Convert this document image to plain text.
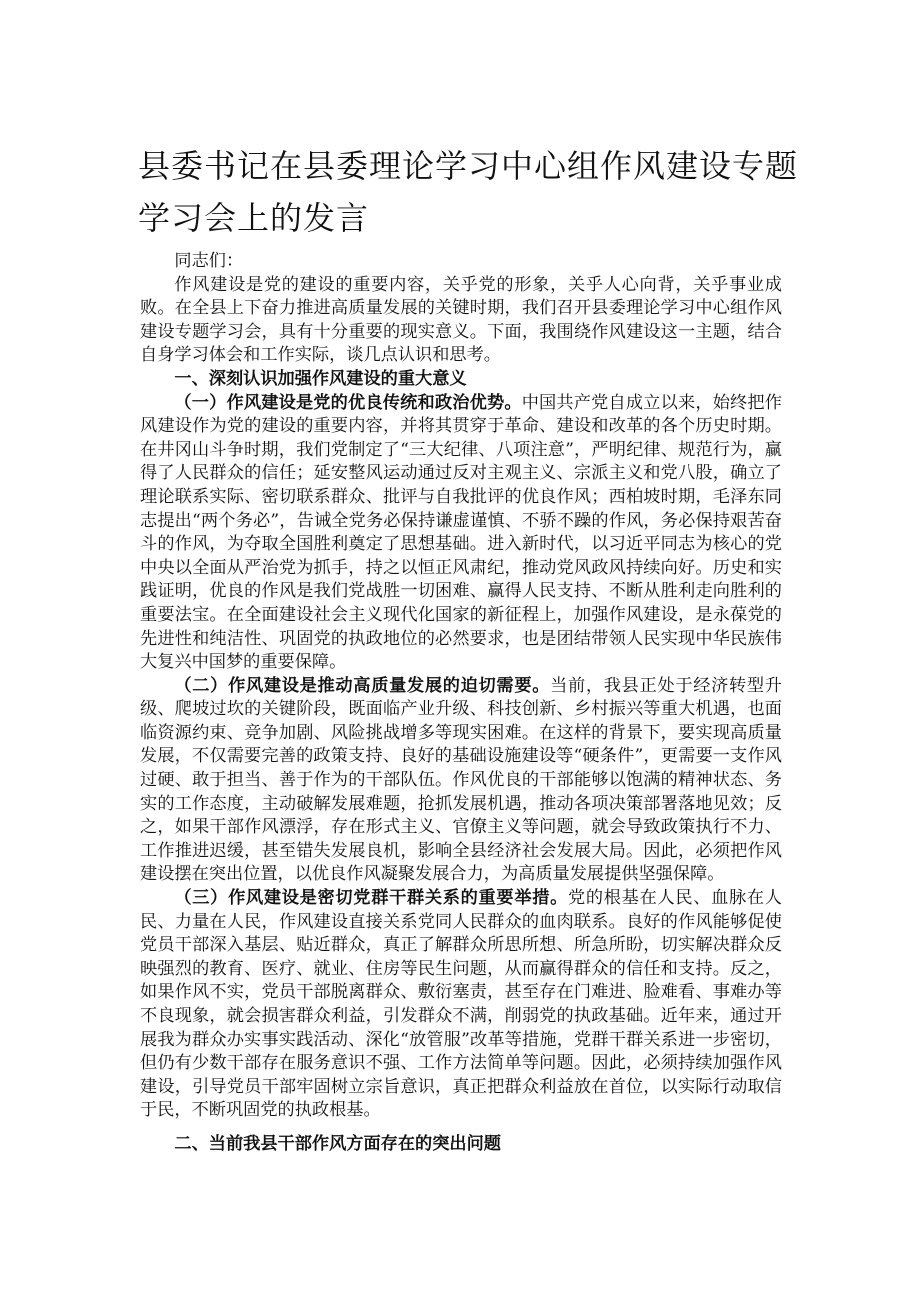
县委书记在县委理论学习中心组作风建设专题学习会上的发言

同志们：

作风建设是党的建设的重要内容，关乎党的形象，关乎人心向背，关乎事业成败。在全县上下奋力推进高质量发展的关键时期，我们召开县委理论学习中心组作风建设专题学习会，具有十分重要的现实意义。下面，我围绕作风建设这一主题，结合自身学习体会和工作实际，谈几点认识和思考。

一、深刻认识加强作风建设的重大意义

（一）作风建设是党的优良传统和政治优势。中国共产党自成立以来，始终把作风建设作为党的建设的重要内容，并将其贯穿于革命、建设和改革的各个历史时期。在井冈山斗争时期，我们党制定了“三大纪律、八项注意”，严明纪律、规范行为，赢得了人民群众的信任；延安整风运动通过反对主观主义、宗派主义和党八股，确立了理论联系实际、密切联系群众、批评与自我批评的优良作风；西柏坡时期，毛泽东同志提出“两个务必”，告诫全党务必保持谦虚谨慎、不骄不躁的作风，务必保持艰苦奋斗的作风，为夺取全国胜利奠定了思想基础。进入新时代，以习近平同志为核心的党中央以全面从严治党为抓手，持之以恒正风肃纪，推动党风政风持续向好。历史和实践证明，优良的作风是我们党战胜一切困难、赢得人民支持、不断从胜利走向胜利的重要法宝。在全面建设社会主义现代化国家的新征程上，加强作风建设，是永葆党的先进性和纯洁性、巩固党的执政地位的必然要求，也是团结带领人民实现中华民族伟大复兴中国梦的重要保障。

（二）作风建设是推动高质量发展的迫切需要。当前，我县正处于经济转型升级、爬坡过坎的关键阶段，既面临产业升级、科技创新、乡村振兴等重大机遇，也面临资源约束、竞争加剧、风险挑战增多等现实困难。在这样的背景下，要实现高质量发展，不仅需要完善的政策支持、良好的基础设施建设等“硬条件”，更需要一支作风过硬、敢于担当、善于作为的干部队伍。作风优良的干部能够以饱满的精神状态、务实的工作态度，主动破解发展难题，抢抓发展机遇，推动各项决策部署落地见效；反之，如果干部作风漂浮，存在形式主义、官僚主义等问题，就会导致政策执行不力、工作推进迟缓，甚至错失发展良机，影响全县经济社会发展大局。因此，必须把作风建设摆在突出位置，以优良作风凝聚发展合力，为高质量发展提供坚强保障。

（三）作风建设是密切党群干群关系的重要举措。党的根基在人民、血脉在人民、力量在人民，作风建设直接关系党同人民群众的血肉联系。良好的作风能够促使党员干部深入基层、贴近群众，真正了解群众所思所想、所急所盼，切实解决群众反映强烈的教育、医疗、就业、住房等民生问题，从而赢得群众的信任和支持。反之，如果作风不实，党员干部脱离群众、敷衍塞责，甚至存在门难进、脸难看、事难办等不良现象，就会损害群众利益，引发群众不满，削弱党的执政基础。近年来，通过开展我为群众办实事实践活动、深化“放管服”改革等措施，党群干群关系进一步密切，但仍有少数干部存在服务意识不强、工作方法简单等问题。因此，必须持续加强作风建设，引导党员干部牢固树立宗旨意识，真正把群众利益放在首位，以实际行动取信于民，不断巩固党的执政根基。

二、当前我县干部作风方面存在的突出问题
